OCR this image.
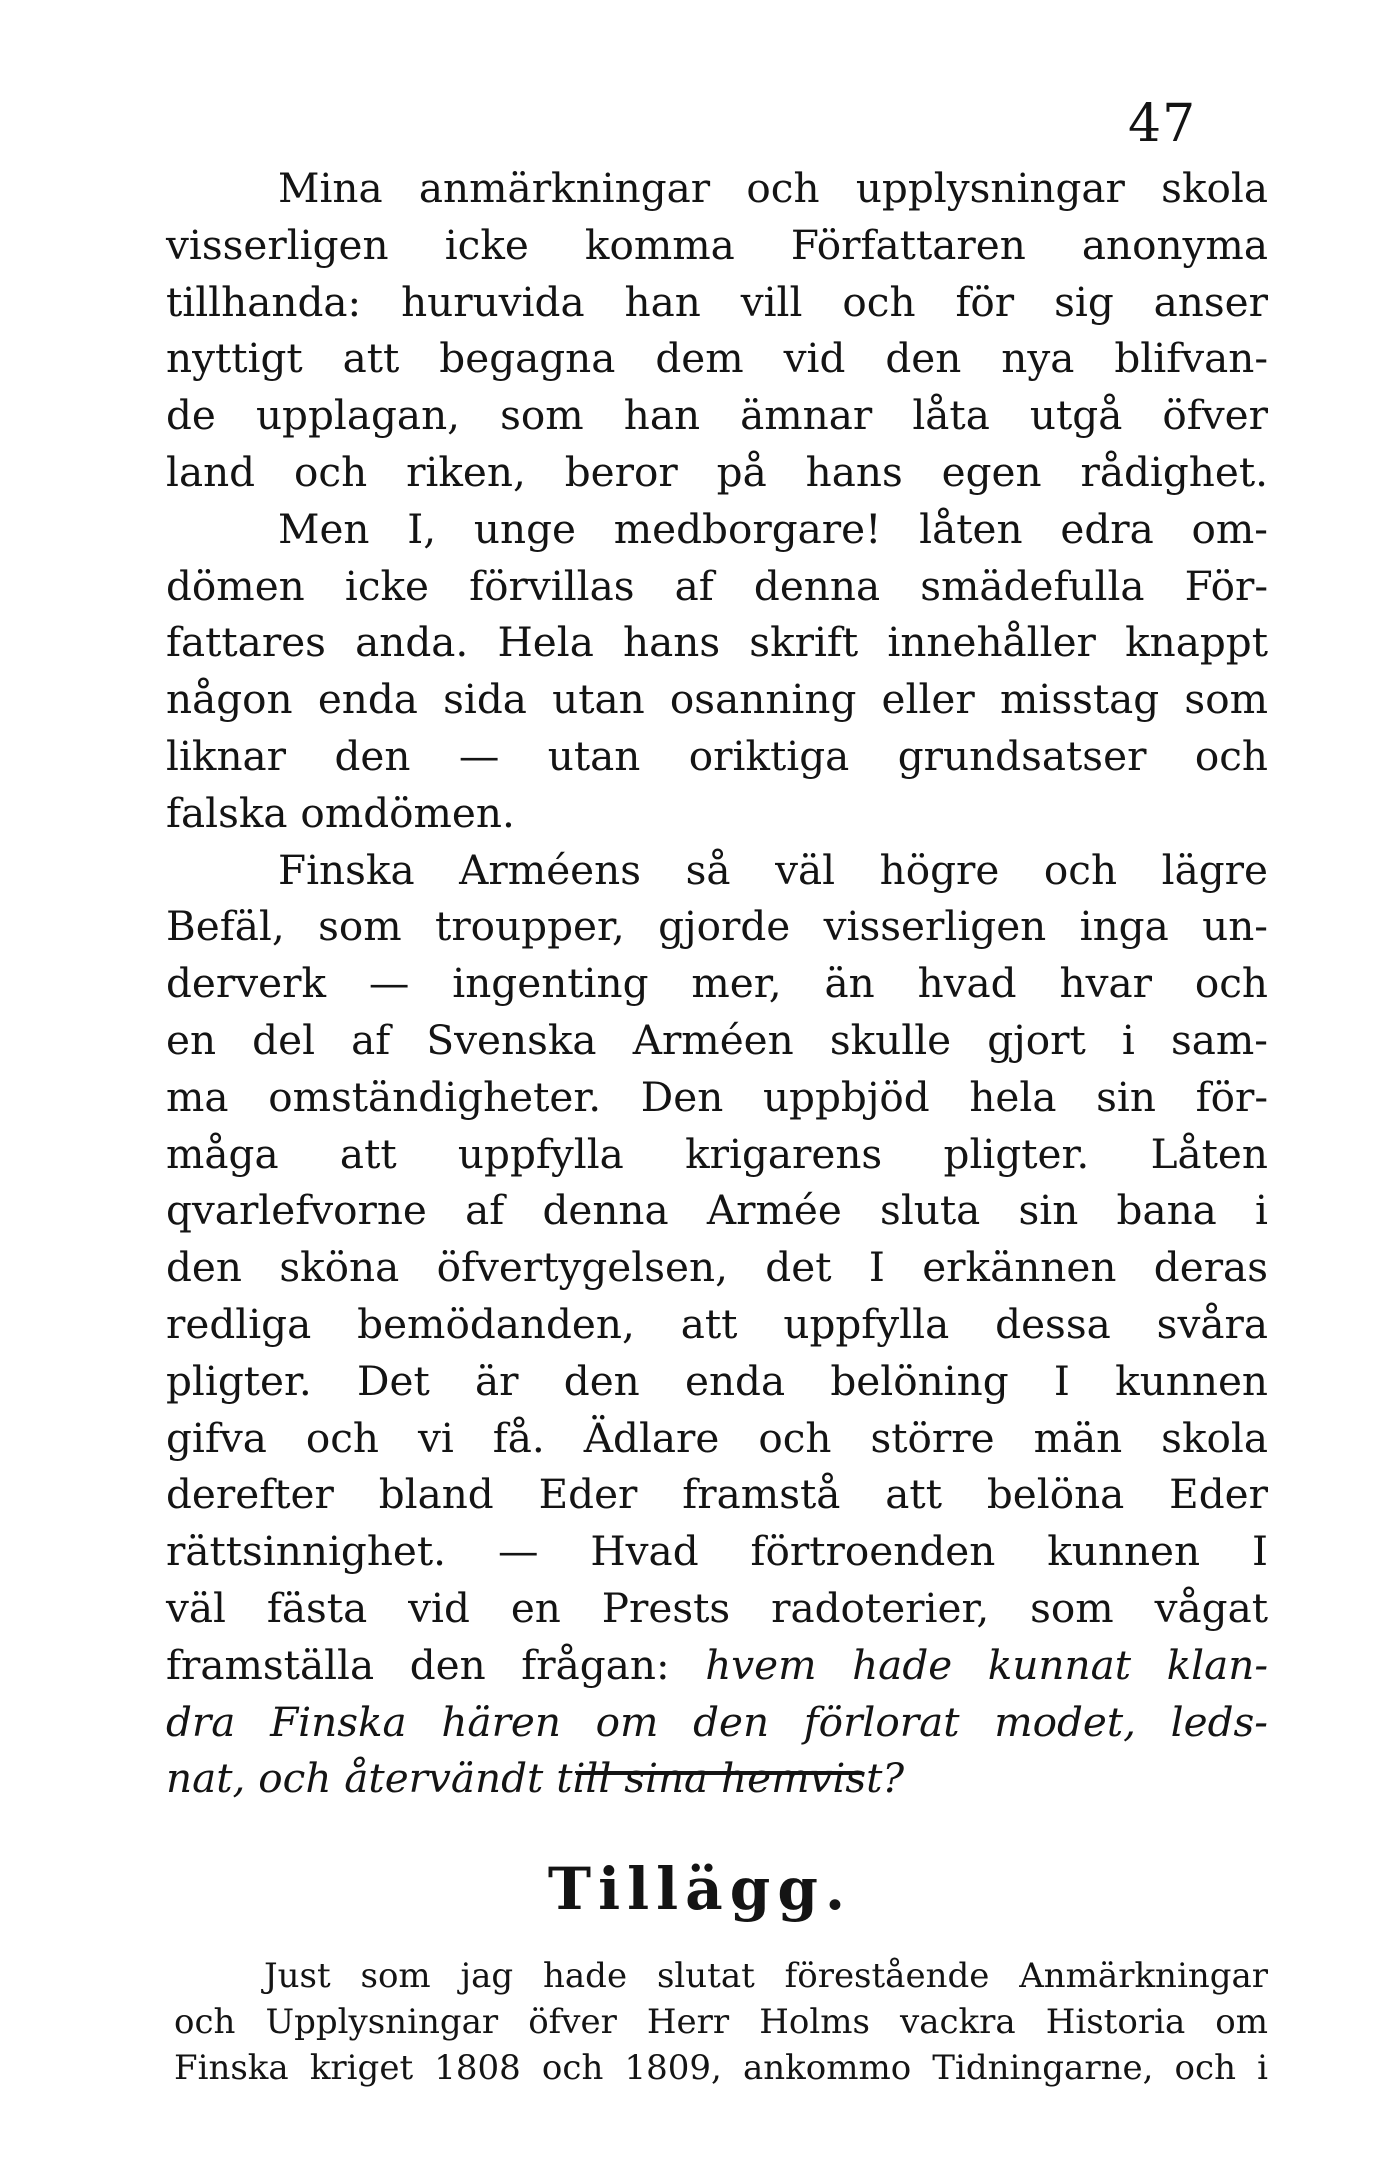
47
Mina anmärkningar och upplysningar skola
visserligen icke komma Författaren anonyma
tillhanda: huruvida han vill och för sig anser
nyttigt att begagna dem vid den nya blifvan-
de upplagan, som han ämnar låta utgå öfver
land och riken, beror på hans egen rådighet.
Men I, unge medborgare! låten edra om-
dömen icke förvillas af denna smädefulla För-
fattares anda. Hela hans skrift innehåller knappt
någon enda sida utan osanning eller misstag som
liknar den — utan oriktiga grundsatser och
falska omdömen.
Finska Arméens så väl högre och lägre
Befäl, som troupper, gjorde visserligen inga un-
derverk — ingenting mer, än hvad hvar och
en del af Svenska Arméen skulle gjort i sam-
ma omständigheter. Den uppbjöd hela sin för-
måga att uppfylla krigarens pligter. Låten
qvarlefvorne af denna Armée sluta sin bana i
den sköna öfvertygelsen, det I erkännen deras
redliga bemödanden, att uppfylla dessa svåra
pligter. Det är den enda belöning I kunnen
gifva och vi få. Ädlare och större män skola
derefter bland Eder framstå att belöna Eder
rättsinnighet. — Hvad förtroenden kunnen I
väl fästa vid en Prests radoterier, som vågat
framställa den frågan: hvem hade kunnat klan-
dra Finska hären om den förlorat modet, leds-
nat, och återvändt till sina hemvist?
Tillägg.
Just som jag hade slutat förestående Anmärkningar
och Upplysningar öfver Herr Holms vackra Historia om
Finska kriget 1808 och 1809, ankommo Tidningarne, och i
